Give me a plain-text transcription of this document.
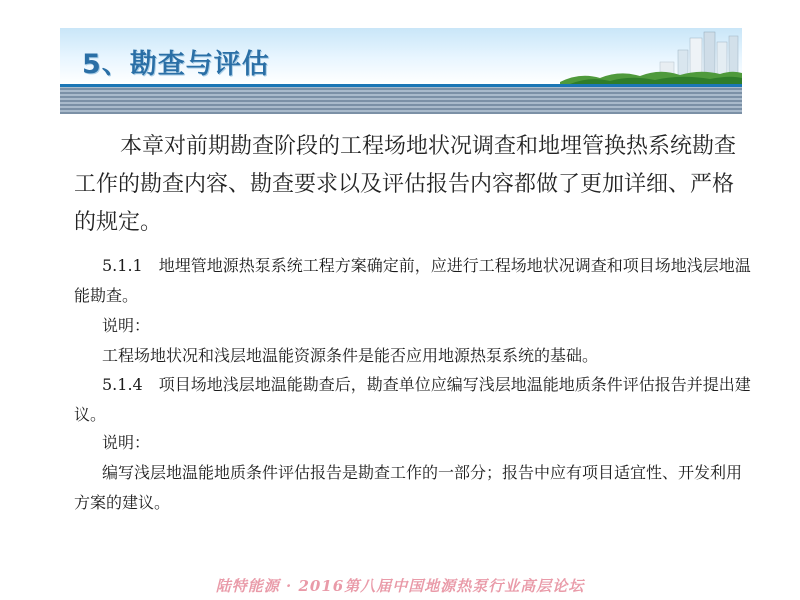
5、勘查与评估
本章对前期勘查阶段的工程场地状况调查和地埋管换热系统勘查工作的勘查内容、勘查要求以及评估报告内容都做了更加详细、严格的规定。
5.1.1 地埋管地源热泵系统工程方案确定前，应进行工程场地状况调查和项目场地浅层地温能勘查。
说明：
工程场地状况和浅层地温能资源条件是能否应用地源热泵系统的基础。
5.1.4 项目场地浅层地温能勘查后，勘查单位应编写浅层地温能地质条件评估报告并提出建议。
说明：
编写浅层地温能地质条件评估报告是勘查工作的一部分；报告中应有项目适宜性、开发利用方案的建议。
陆特能源 · 2016第八届中国地源热泵行业高层论坛
